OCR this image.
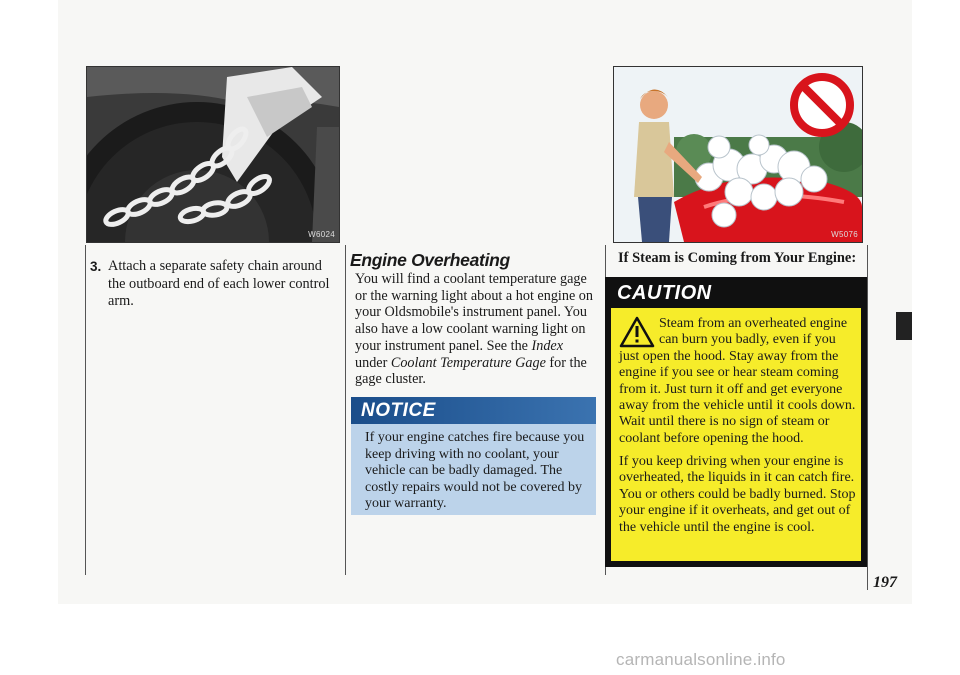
W6024	W5076
3. Attach a separate safety chain around the outboard end of each lower control arm.
Engine Overheating
You will find a coolant temperature gage or the warning light about a hot engine on your Oldsmobile's instrument panel. You also have a low coolant warning light on your instrument panel. See the Index under Coolant Temperature Gage for the gage cluster.
NOTICE
If your engine catches fire because you keep driving with no coolant, your vehicle can be badly damaged. The costly repairs would not be covered by your warranty.
If Steam is Coming from Your Engine:
CAUTION
Steam from an overheated engine can burn you badly, even if you just open the hood. Stay away from the engine if you see or hear steam coming from it. Just turn it off and get everyone away from the vehicle until it cools down. Wait until there is no sign of steam or coolant before opening the hood.
If you keep driving when your engine is overheated, the liquids in it can catch fire. You or others could be badly burned. Stop your engine if it overheats, and get out of the vehicle until the engine is cool.
197
carmanualsonline.info
